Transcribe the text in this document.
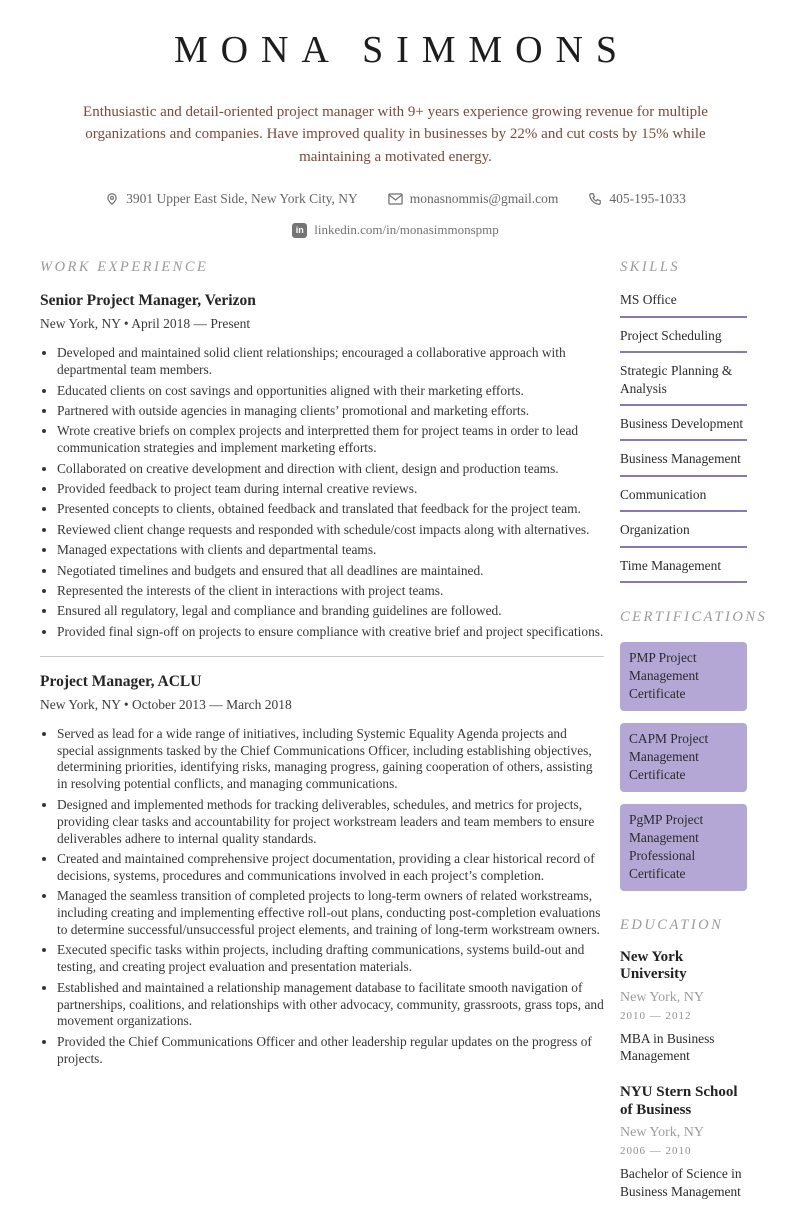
MONA SIMMONS

Enthusiastic and detail-oriented project manager with 9+ years experience growing revenue for multiple organizations and companies. Have improved quality in businesses by 22% and cut costs by 15% while maintaining a motivated energy.

3901 Upper East Side, New York City, NY	monasnommis@gmail.com	405-195-1033
in linkedin.com/in/monasimmonspmp
WORK EXPERIENCE
Senior Project Manager, Verizon
New York, NY • April 2018 — Present
• Developed and maintained solid client relationships; encouraged a collaborative approach with departmental team members.
• Educated clients on cost savings and opportunities aligned with their marketing efforts.
• Partnered with outside agencies in managing clients’ promotional and marketing efforts.
• Wrote creative briefs on complex projects and interpretted them for project teams in order to lead communication strategies and implement marketing efforts.
• Collaborated on creative development and direction with client, design and production teams.
• Provided feedback to project team during internal creative reviews.
• Presented concepts to clients, obtained feedback and translated that feedback for the project team.
• Reviewed client change requests and responded with schedule/cost impacts along with alternatives.
• Managed expectations with clients and departmental teams.
• Negotiated timelines and budgets and ensured that all deadlines are maintained.
• Represented the interests of the client in interactions with project teams.
• Ensured all regulatory, legal and compliance and branding guidelines are followed.
• Provided final sign-off on projects to ensure compliance with creative brief and project specifications.
Project Manager, ACLU
New York, NY • October 2013 — March 2018
• Served as lead for a wide range of initiatives, including Systemic Equality Agenda projects and special assignments tasked by the Chief Communications Officer, including establishing objectives, determining priorities, identifying risks, managing progress, gaining cooperation of others, assisting in resolving potential conflicts, and managing communications.
• Designed and implemented methods for tracking deliverables, schedules, and metrics for projects, providing clear tasks and accountability for project workstream leaders and team members to ensure deliverables adhere to internal quality standards.
• Created and maintained comprehensive project documentation, providing a clear historical record of decisions, systems, procedures and communications involved in each project’s completion.
• Managed the seamless transition of completed projects to long-term owners of related workstreams, including creating and implementing effective roll-out plans, conducting post-completion evaluations to determine successful/unsuccessful project elements, and training of long-term workstream owners.
• Executed specific tasks within projects, including drafting communications, systems build-out and testing, and creating project evaluation and presentation materials.
• Established and maintained a relationship management database to facilitate smooth navigation of partnerships, coalitions, and relationships with other advocacy, community, grassroots, grass tops, and movement organizations.
• Provided the Chief Communications Officer and other leadership regular updates on the progress of projects.
SKILLS
MS Office
Project Scheduling
Strategic Planning & Analysis
Business Development
Business Management
Communication
Organization
Time Management
CERTIFICATIONS
PMP Project Management Certificate
CAPM Project Management Certificate
PgMP Project Management Professional Certificate
EDUCATION
New York University
New York, NY
2010 — 2012
MBA in Business Management
NYU Stern School of Business
New York, NY
2006 — 2010
Bachelor of Science in Business Management
